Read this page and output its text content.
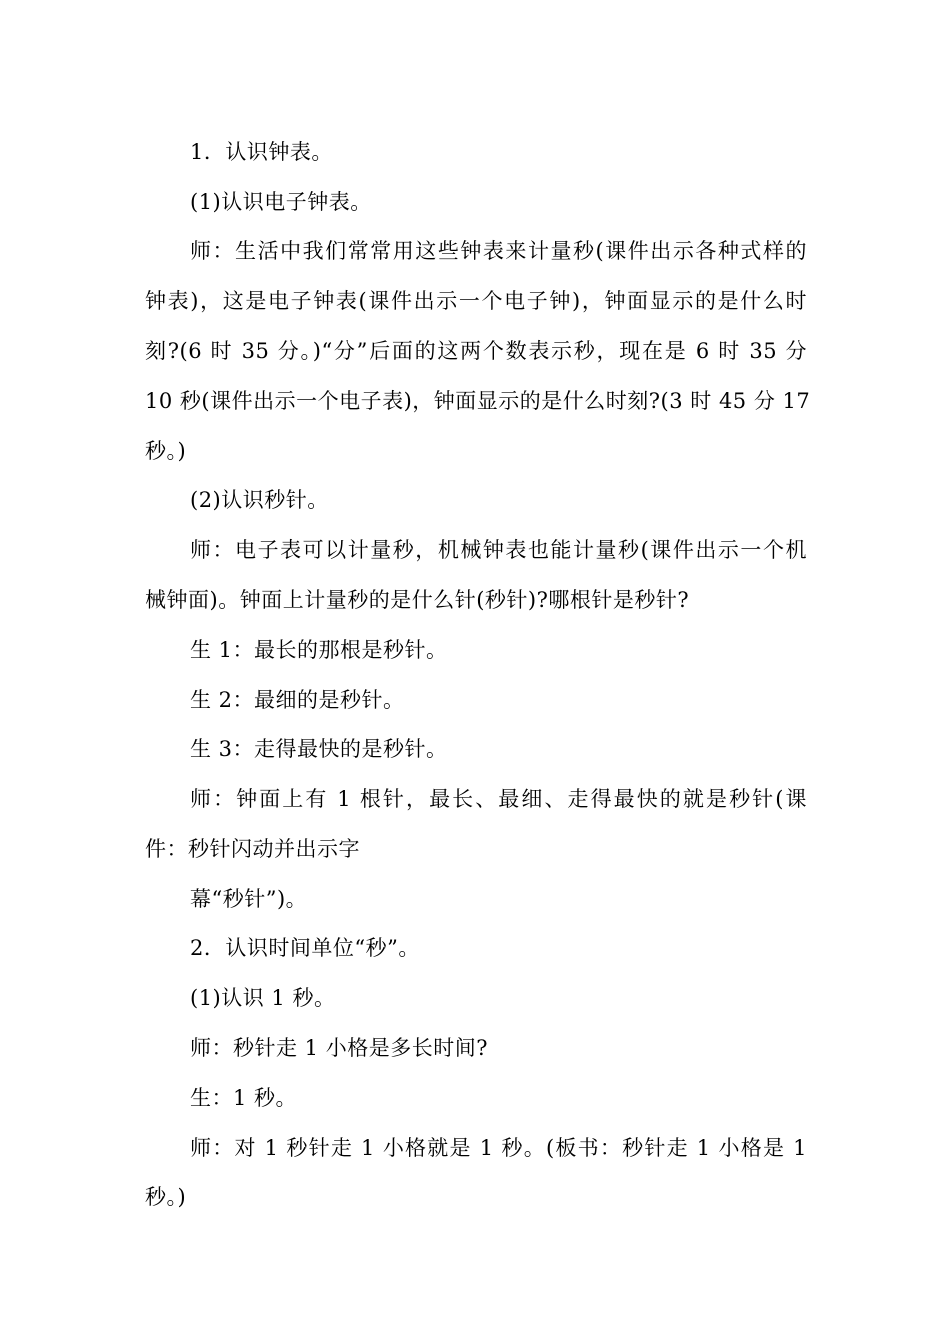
1．认识钟表。
(1)认识电子钟表。
师：生活中我们常常用这些钟表来计量秒(课件出示各种式样的
钟表)，这是电子钟表(课件出示一个电子钟)，钟面显示的是什么时
刻?(6 时 35 分。)“分”后面的这两个数表示秒，现在是 6 时 35 分
10 秒(课件出示一个电子表)，钟面显示的是什么时刻?(3 时 45 分 17
秒。)
(2)认识秒针。
师：电子表可以计量秒，机械钟表也能计量秒(课件出示一个机
械钟面)。钟面上计量秒的是什么针(秒针)?哪根针是秒针?
生 1：最长的那根是秒针。
生 2：最细的是秒针。
生 3：走得最快的是秒针。
师：钟面上有 1 根针，最长、最细、走得最快的就是秒针(课
件：秒针闪动并出示字
幕“秒针”)。
2．认识时间单位“秒”。
(1)认识 1 秒。
师：秒针走 1 小格是多长时间?
生：1 秒。
师：对 1 秒针走 1 小格就是 1 秒。(板书：秒针走 1 小格是 1
秒。)
